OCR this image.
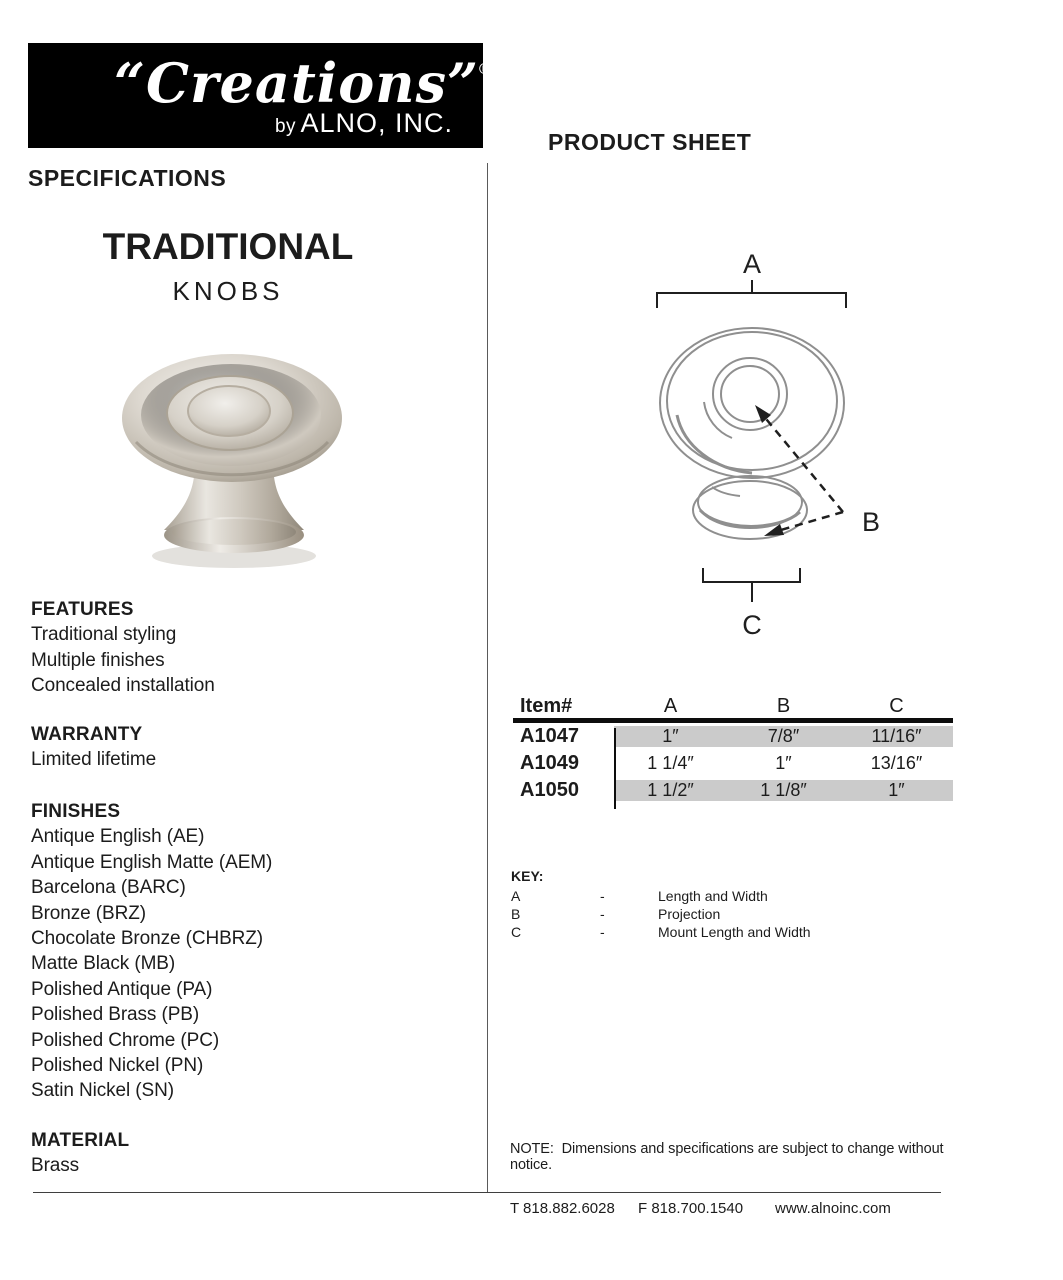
“Creations”®
by ALNO, INC.
SPECIFICATIONS
PRODUCT SHEET
TRADITIONAL
KNOBS
FEATURES
Traditional styling
Multiple finishes
Concealed installation
WARRANTY
Limited lifetime
FINISHES
Antique English (AE)
Antique English Matte (AEM)
Barcelona (BARC)
Bronze (BRZ)
Chocolate Bronze (CHBRZ)
Matte Black (MB)
Polished Antique (PA)
Polished Brass (PB)
Polished Chrome (PC)
Polished Nickel (PN)
Satin Nickel (SN)
MATERIAL
Brass
A
C
B
Item#	A	B	C
A1047	1″	7/8″	11/16″
A1049	1 1/4″	1″	13/16″
A1050	1 1/2″	1 1/8″	1″
KEY:
A	-	Length and Width
B	-	Projection
C	-	Mount Length and Width
NOTE:  Dimensions and specifications are subject to change without notice.
T 818.882.6028	F 818.700.1540	www.alnoinc.com
